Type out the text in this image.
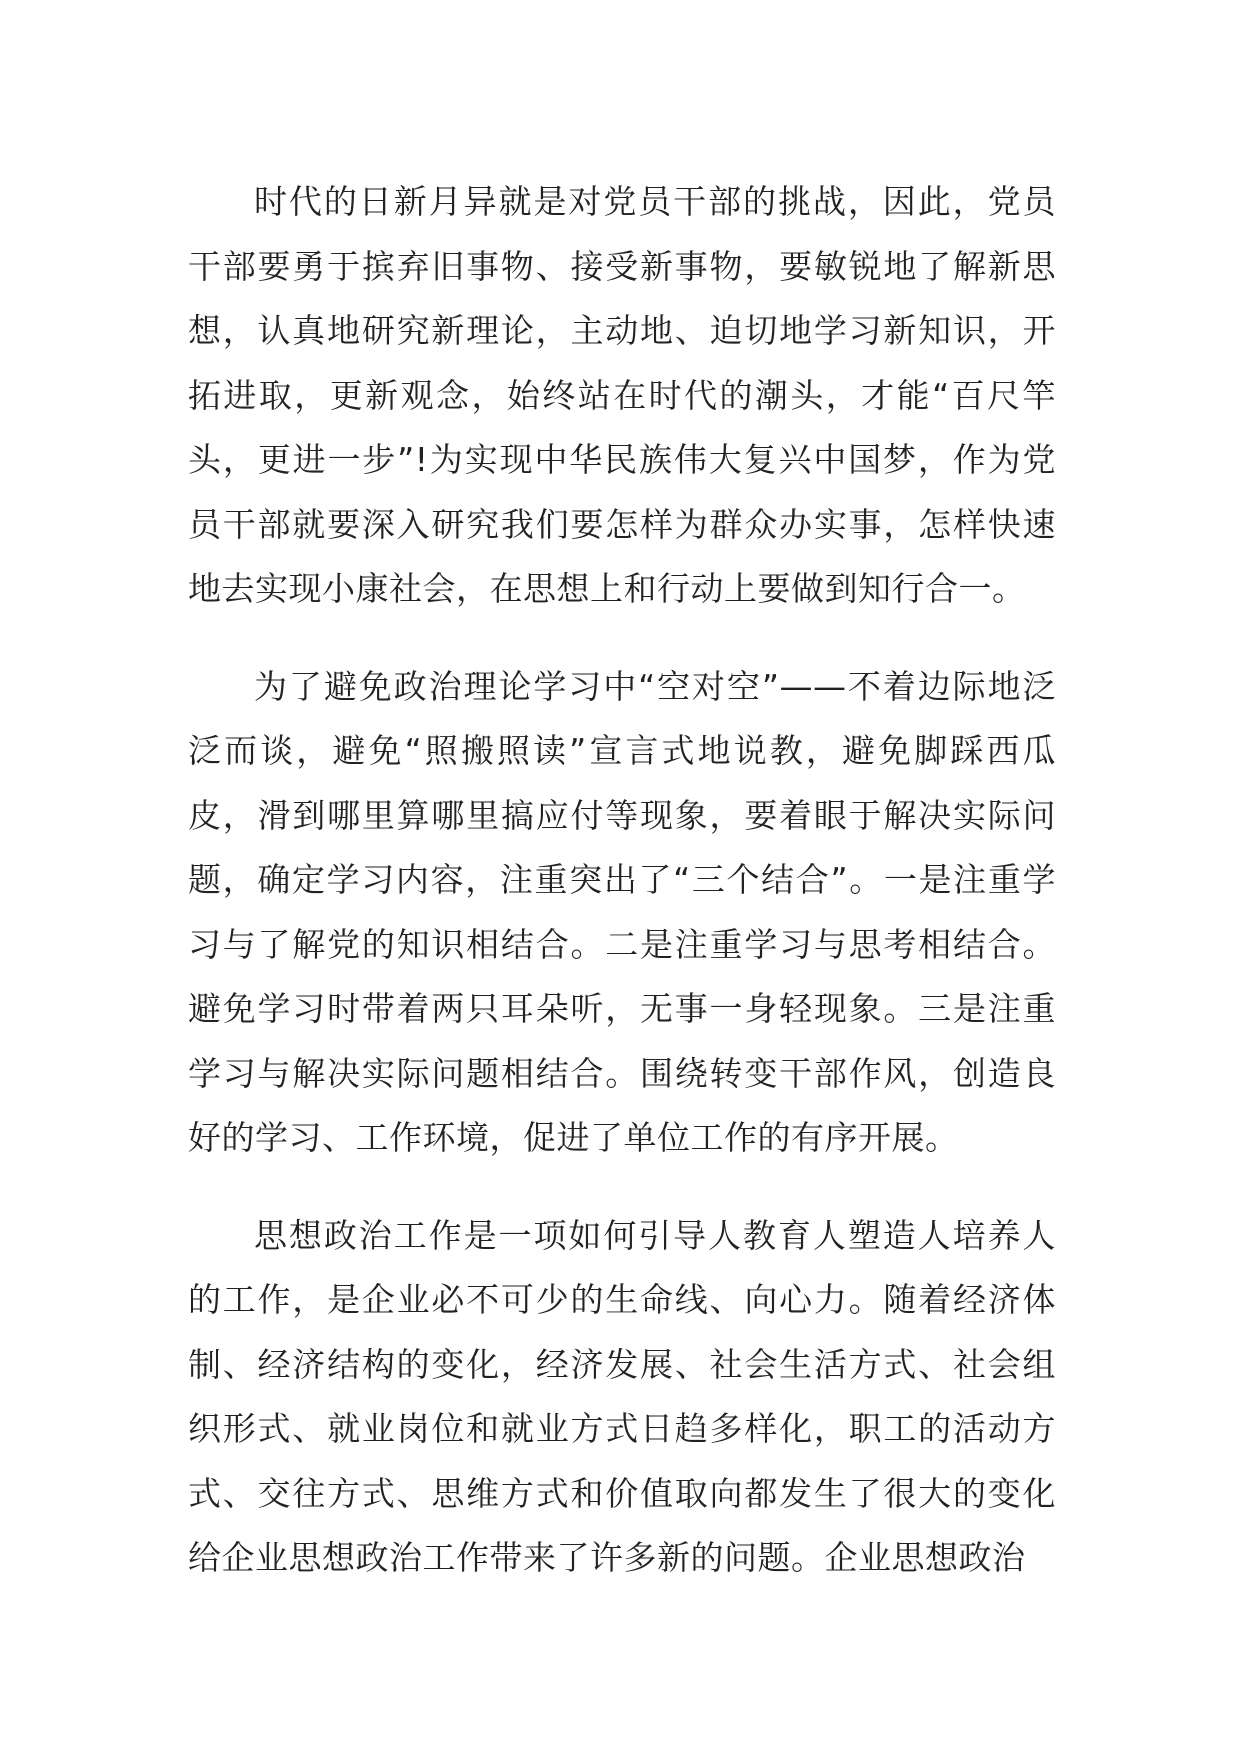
时代的日新月异就是对党员干部的挑战，因此，党员干部要勇于摈弃旧事物、接受新事物，要敏锐地了解新思想，认真地研究新理论，主动地、迫切地学习新知识，开拓进取，更新观念，始终站在时代的潮头，才能“百尺竿头，更进一步”!为实现中华民族伟大复兴中国梦，作为党员干部就要深入研究我们要怎样为群众办实事，怎样快速地去实现小康社会，在思想上和行动上要做到知行合一。

为了避免政治理论学习中“空对空”——不着边际地泛泛而谈，避免“照搬照读”宣言式地说教，避免脚踩西瓜皮，滑到哪里算哪里搞应付等现象，要着眼于解决实际问题，确定学习内容，注重突出了“三个结合”。一是注重学习与了解党的知识相结合。二是注重学习与思考相结合。避免学习时带着两只耳朵听，无事一身轻现象。三是注重学习与解决实际问题相结合。围绕转变干部作风，创造良好的学习、工作环境，促进了单位工作的有序开展。

思想政治工作是一项如何引导人教育人塑造人培养人的工作，是企业必不可少的生命线、向心力。随着经济体制、经济结构的变化，经济发展、社会生活方式、社会组织形式、就业岗位和就业方式日趋多样化，职工的活动方式、交往方式、思维方式和价值取向都发生了很大的变化给企业思想政治工作带来了许多新的问题。企业思想政治
